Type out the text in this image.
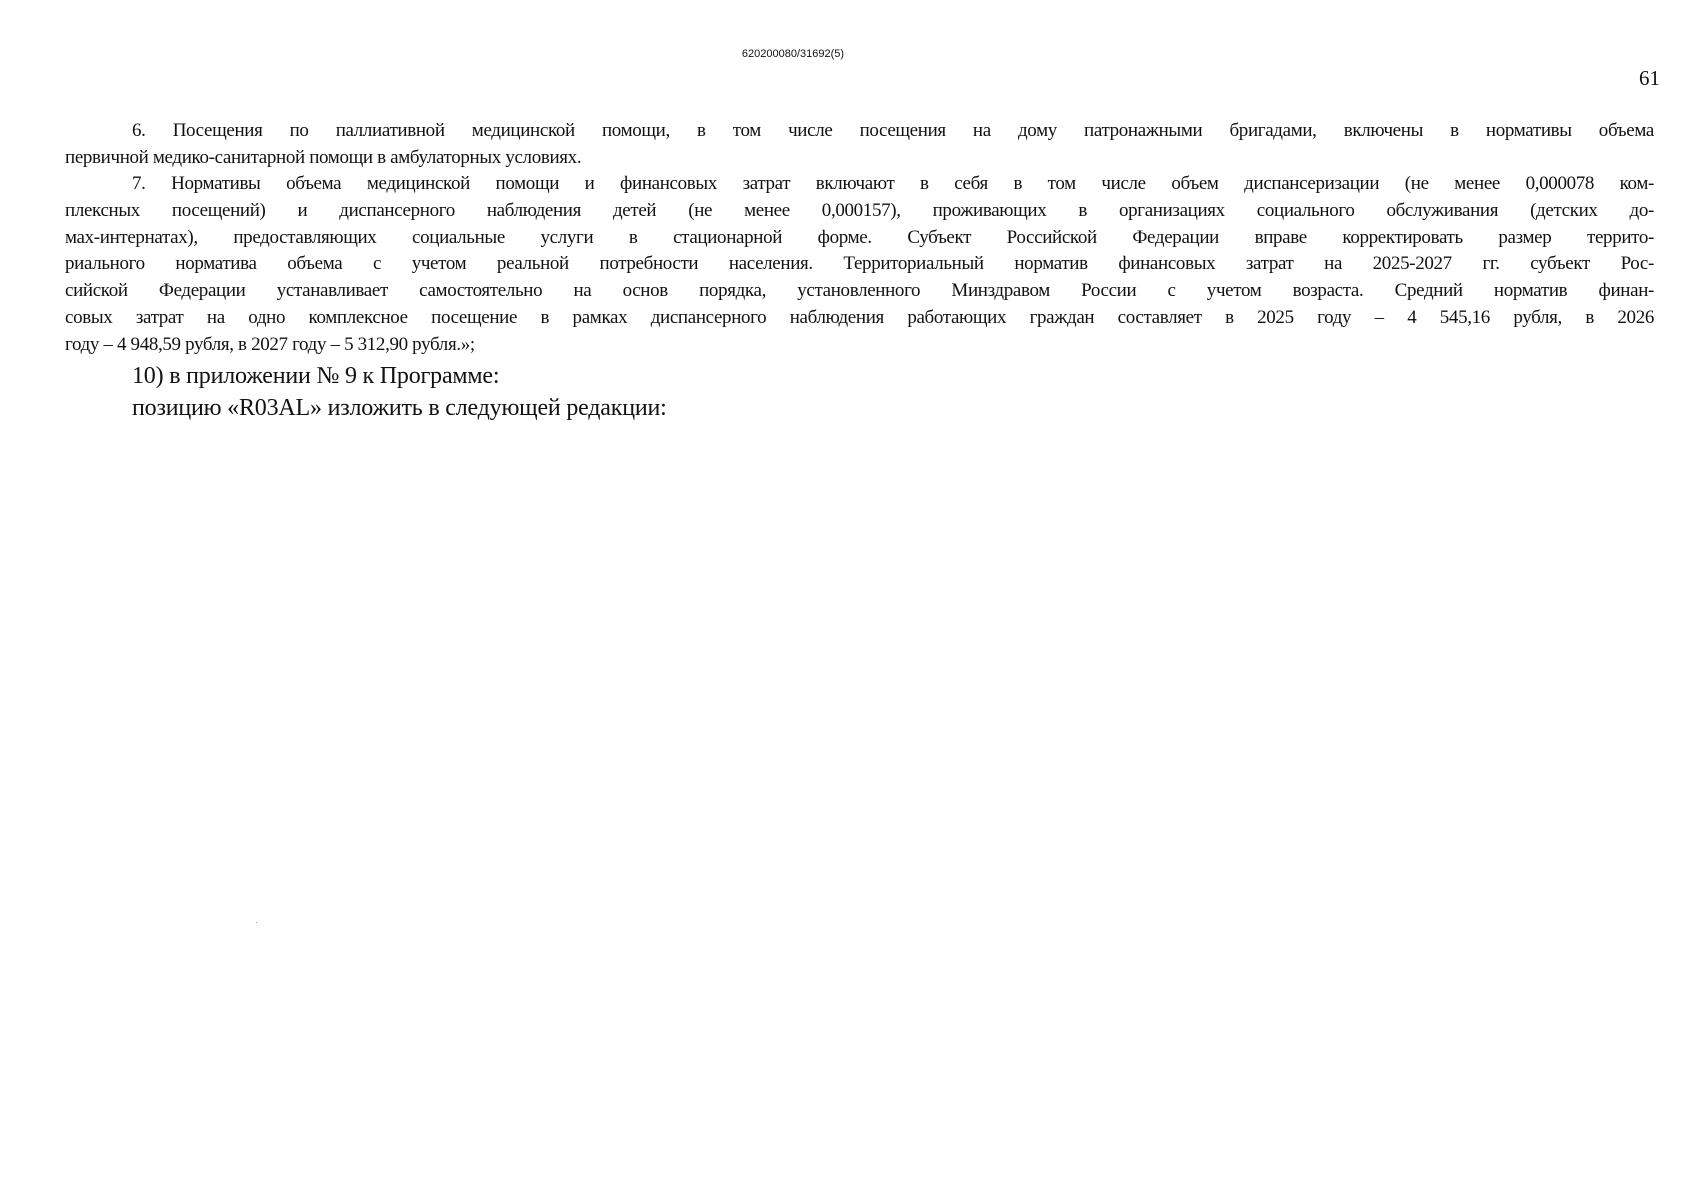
620200080/31692(5)
61
6. Посещения по паллиативной медицинской помощи, в том числе посещения на дому патронажными бригадами, включены в нормативы объема
первичной медико-санитарной помощи в амбулаторных условиях.
7. Нормативы объема медицинской помощи и финансовых затрат включают в себя в том числе объем диспансеризации (не менее 0,000078 ком-
плексных посещений) и диспансерного наблюдения детей (не менее 0,000157), проживающих в организациях социального обслуживания (детских до-
мах-интернатах), предоставляющих социальные услуги в стационарной форме. Субъект Российской Федерации вправе корректировать размер террито-
риального норматива объема с учетом реальной потребности населения. Территориальный норматив финансовых затрат на 2025-2027 гг. субъект Рос-
сийской Федерации устанавливает самостоятельно на основ порядка, установленного Минздравом России с учетом возраста. Средний норматив финан-
совых затрат на одно комплексное посещение в рамках диспансерного наблюдения работающих граждан составляет в 2025 году – 4 545,16 рубля, в 2026
году – 4 948,59 рубля, в 2027 году – 5 312,90 рубля.»;
10) в приложении № 9 к Программе:
позицию «R03AL» изложить в следующей редакции:
